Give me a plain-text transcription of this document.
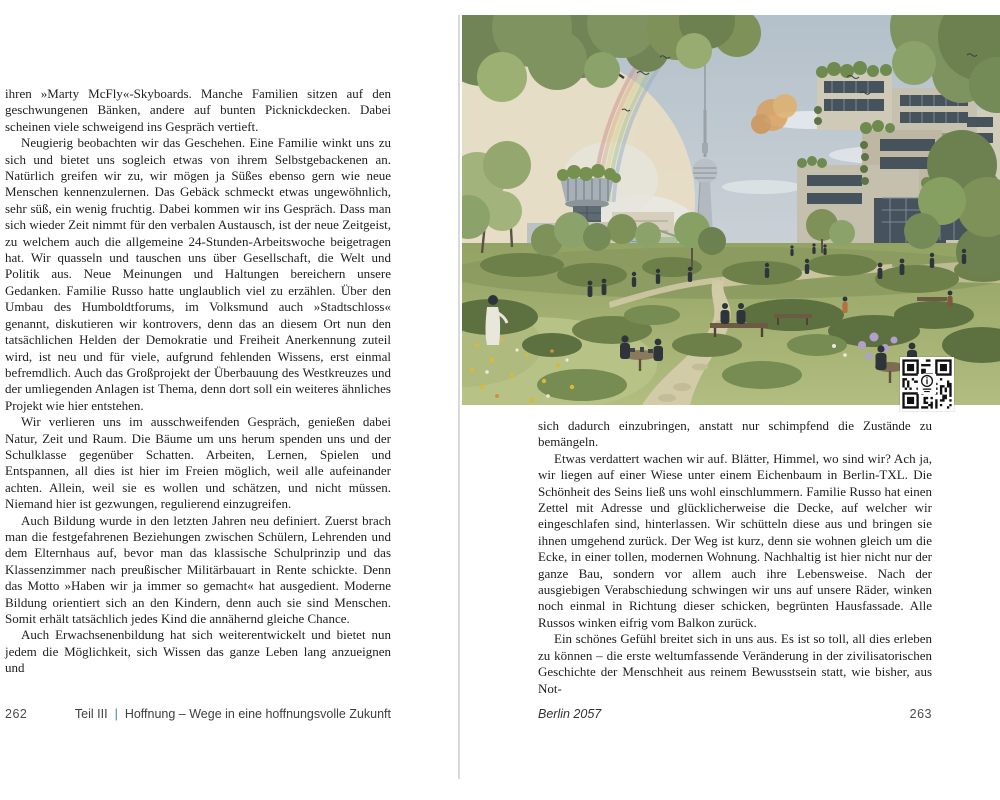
ihren »Marty McFly«-Skyboards. Manche Familien sitzen auf den geschwungenen Bänken, andere auf bunten Picknickdecken. Dabei scheinen viele schweigend ins Gespräch vertieft.

Neugierig beobachten wir das Geschehen. Eine Familie winkt uns zu sich und bietet uns sogleich etwas von ihrem Selbstgebackenen an. Natürlich greifen wir zu, wir mögen ja Süßes ebenso gern wie neue Menschen kennenzulernen. Das Gebäck schmeckt etwas ungewöhnlich, sehr süß, ein wenig fruchtig. Dabei kommen wir ins Gespräch. Dass man sich wieder Zeit nimmt für den verbalen Austausch, ist der neue Zeitgeist, zu welchem auch die allgemeine 24-Stunden-Arbeitswoche beigetragen hat. Wir quasseln und tauschen uns über Gesellschaft, die Welt und Politik aus. Neue Meinungen und Haltungen bereichern unsere Gedanken. Familie Russo hatte unglaublich viel zu erzählen. Über den Umbau des Humboldtforums, im Volksmund auch »Stadtschloss« genannt, diskutieren wir kontrovers, denn das an diesem Ort nun den tatsächlichen Helden der Demokratie und Freiheit Anerkennung zuteil wird, ist neu und für viele, aufgrund fehlenden Wissens, erst einmal befremdlich. Auch das Großprojekt der Überbauung des Westkreuzes und der umliegenden Anlagen ist Thema, denn dort soll ein weiteres ähnliches Projekt wie hier entstehen.

Wir verlieren uns im ausschweifenden Gespräch, genießen dabei Natur, Zeit und Raum. Die Bäume um uns herum spenden uns und der Schulklasse gegenüber Schatten. Arbeiten, Lernen, Spielen und Entspannen, all dies ist hier im Freien möglich, weil alle aufeinander achten. Allein, weil sie es wollen und schätzen, und nicht müssen. Niemand hier ist gezwungen, regulierend einzugreifen.

Auch Bildung wurde in den letzten Jahren neu definiert. Zuerst brach man die festgefahrenen Beziehungen zwischen Schülern, Lehrenden und dem Elternhaus auf, bevor man das klassische Schulprinzip und das Klassenzimmer nach preußischer Militärbauart in Rente schickte. Denn das Motto »Haben wir ja immer so gemacht« hat ausgedient. Moderne Bildung orientiert sich an den Kindern, denn auch sie sind Menschen. Somit erhält tatsächlich jedes Kind die annähernd gleiche Chance.

Auch Erwachsenenbildung hat sich weiterentwickelt und bietet nun jedem die Möglichkeit, sich Wissen das ganze Leben lang anzueignen und

262	Teil III | Hoffnung – Wege in eine hoffnungsvolle Zukunft

sich dadurch einzubringen, anstatt nur schimpfend die Zustände zu bemängeln.

Etwas verdattert wachen wir auf. Blätter, Himmel, wo sind wir? Ach ja, wir liegen auf einer Wiese unter einem Eichenbaum in Berlin-TXL. Die Schönheit des Seins ließ uns wohl einschlummern. Familie Russo hat einen Zettel mit Adresse und glücklicherweise die Decke, auf welcher wir eingeschlafen sind, hinterlassen. Wir schütteln diese aus und bringen sie ihnen umgehend zurück. Der Weg ist kurz, denn sie wohnen gleich um die Ecke, in einer tollen, modernen Wohnung. Nachhaltig ist hier nicht nur der ganze Bau, sondern vor allem auch ihre Lebensweise. Nach der ausgiebigen Verabschiedung schwingen wir uns auf unsere Räder, winken noch einmal in Richtung dieser schicken, begrünten Hausfassade. Alle Russos winken eifrig vom Balkon zurück.

Ein schönes Gefühl breitet sich in uns aus. Es ist so toll, all dies erleben zu können – die erste weltumfassende Veränderung in der zivilisatorischen Geschichte der Menschheit aus reinem Bewusstsein statt, wie bisher, aus Not-

Berlin 2057	263
